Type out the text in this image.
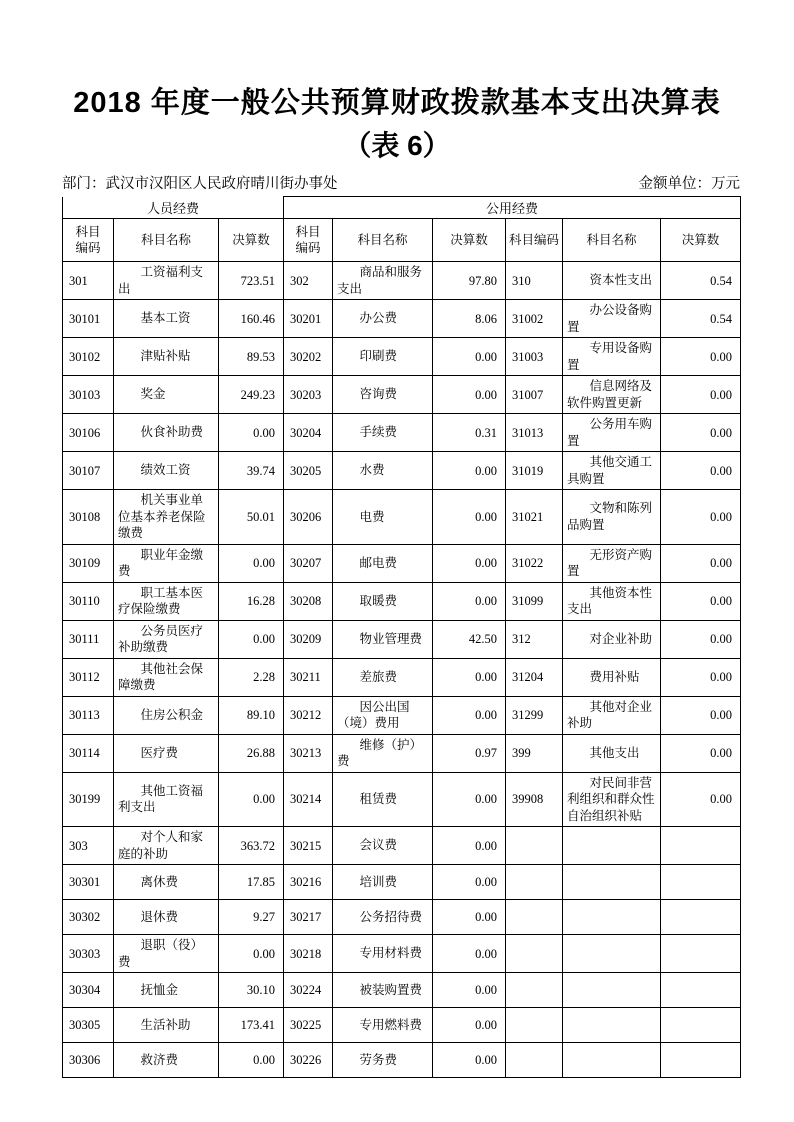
2018 年度一般公共预算财政拨款基本支出决算表
（表 6）
部门：武汉市汉阳区人民政府晴川街办事处	金额单位：万元
人员经费			公用经费					
科目编码	科目名称	决算数	科目编码	科目名称	决算数	科目编码	科目名称	决算数
301	工资福利支出	723.51	302	商品和服务支出	97.80	310	资本性支出	0.54
30101	基本工资	160.46	30201	办公费	8.06	31002	办公设备购置	0.54
30102	津贴补贴	89.53	30202	印刷费	0.00	31003	专用设备购置	0.00
30103	奖金	249.23	30203	咨询费	0.00	31007	信息网络及软件购置更新	0.00
30106	伙食补助费	0.00	30204	手续费	0.31	31013	公务用车购置	0.00
30107	绩效工资	39.74	30205	水费	0.00	31019	其他交通工具购置	0.00
30108	机关事业单位基本养老保险缴费	50.01	30206	电费	0.00	31021	文物和陈列品购置	0.00
30109	职业年金缴费	0.00	30207	邮电费	0.00	31022	无形资产购置	0.00
30110	职工基本医疗保险缴费	16.28	30208	取暖费	0.00	31099	其他资本性支出	0.00
30111	公务员医疗补助缴费	0.00	30209	物业管理费	42.50	312	对企业补助	0.00
30112	其他社会保障缴费	2.28	30211	差旅费	0.00	31204	费用补贴	0.00
30113	住房公积金	89.10	30212	因公出国（境）费用	0.00	31299	其他对企业补助	0.00
30114	医疗费	26.88	30213	维修（护）费	0.97	399	其他支出	0.00
30199	其他工资福利支出	0.00	30214	租赁费	0.00	39908	对民间非营利组织和群众性自治组织补贴	0.00
303	对个人和家庭的补助	363.72	30215	会议费	0.00			
30301	离休费	17.85	30216	培训费	0.00			
30302	退休费	9.27	30217	公务招待费	0.00			
30303	退职（役）费	0.00	30218	专用材料费	0.00			
30304	抚恤金	30.10	30224	被装购置费	0.00			
30305	生活补助	173.41	30225	专用燃料费	0.00			
30306	救济费	0.00	30226	劳务费	0.00			
